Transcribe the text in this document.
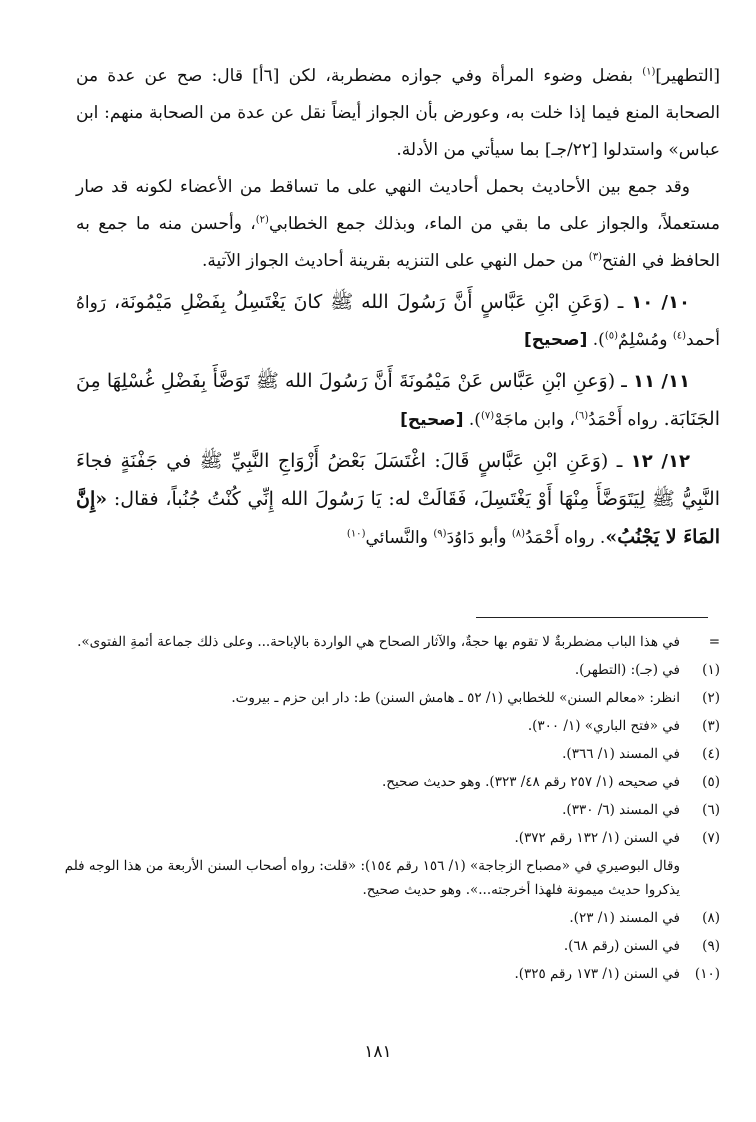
[التطهير]$^{(١)}$ بفضل وضوء المرأة وفي جوازه مضطربة، لكن [٦أ] قال: صح عن عدة من الصحابة المنع فيما إذا خلت به، وعورض بأن الجواز أيضاً نقل عن عدة من الصحابة منهم: ابن عباس» واستدلوا [٢٢/جـ] بما سيأتي من الأدلة.

وقد جمع بين الأحاديث بحمل أحاديث النهي على ما تساقط من الأعضاء لكونه قد صار مستعملاً، والجواز على ما بقي من الماء، وبذلك جمع الخطابي$^{(٢)}$، وأحسن منه ما جمع به الحافظ في الفتح$^{(٣)}$ من حمل النهي على التنزيه بقرينة أحاديث الجواز الآتية.

١٠/ ١٠ ـ (وَعَنِ ابْنِ عَبَّاسٍ أَنَّ رَسُولَ الله ﷺ كانَ يَغْتَسِلُ بِفَضْلِ مَيْمُونَة، رَواهُ أحمد$^{(٤)}$ ومُسْلِمٌ$^{(٥)}$). [صحيح]

١١/ ١١ ـ (وَعنِ ابْنِ عَبَّاس عَنْ مَيْمُونَةَ أَنَّ رَسُولَ الله ﷺ تَوَضَّأَ بِفَضْلِ غُسْلِهَا مِنَ الجَنَابَة. رواه أَحْمَدُ$^{(٦)}$، وابن ماجَهْ$^{(٧)}$). [صحيح]

١٢/ ١٢ ـ (وَعَنِ ابْنِ عَبَّاسٍ قَالَ: اغْتَسَلَ بَعْضُ أَزْوَاجِ النَّبِيِّ ﷺ في جَفْنَةٍ فجاءَ النَّبِيُّ ﷺ لِيَتَوَضَّأَ مِنْهَا أَوْ يَغْتَسِلَ، فَقَالَتْ له: يَا رَسُولَ الله إِنِّي كُنْتُ جُنُباً، فقال: «إِنَّ المَاءَ لا يَجْنُبُ». رواه أَحْمَدُ$^{(٨)}$ وأبو دَاوُدَ$^{(٩)}$ والنَّسائي$^{(١٠)}$

=
في هذا الباب مضطربةٌ لا تقوم بها حجةٌ، والآثار الصحاح هي الواردة بالإباحة... وعلى ذلك جماعة أئمةِ الفتوى».
(١)
في (جـ): (التطهر).
(٢)
انظر: «معالم السنن» للخطابي (١/ ٥٢ ـ هامش السنن) ط: دار ابن حزم ـ بيروت.
(٣)
في «فتح الباري» (١/ ٣٠٠).
(٤)
في المسند (١/ ٣٦٦).
(٥)
في صحيحه (١/ ٢٥٧ رقم ٤٨/ ٣٢٣). وهو حديث صحيح.
(٦)
في المسند (٦/ ٣٣٠).
(٧)
في السنن (١/ ١٣٢ رقم ٣٧٢).
وقال البوصيري في «مصباح الزجاجة» (١/ ١٥٦ رقم ١٥٤): «قلت: رواه أصحاب السنن الأربعة من هذا الوجه فلم يذكروا حديث ميمونة فلهذا أخرجته...». وهو حديث صحيح.
(٨)
في المسند (١/ ٢٣).
(٩)
في السنن (رقم ٦٨).
(١٠)
في السنن (١/ ١٧٣ رقم ٣٢٥).
١٨١
